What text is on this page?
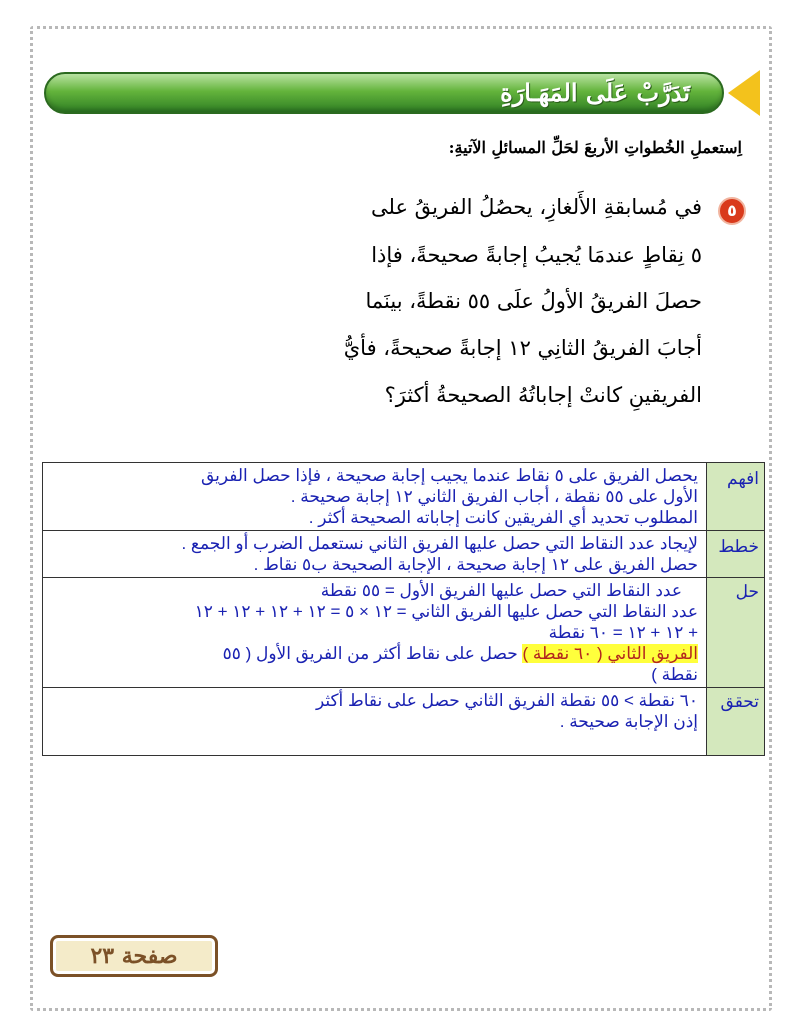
تَدَرَّبْ عَلَى المَهَـارَةِ
اِستعملِ الخُطواتِ الأربعَ لحَلِّ المسائلِ الآتيةِ:
٥
في مُسابقةِ الأَلغازِ، يحصُلُ الفريقُ على
٥ نِقاطٍ عندمَا يُجيبُ إجابةً صحيحةً، فإذا
حصلَ الفريقُ الأولُ علَى ٥٥ نقطةً، بينَما
أجابَ الفريقُ الثانِي ١٢ إجابةً صحيحةً، فأيُّ
الفريقينِ كانتْ إجاباتُهُ الصحيحةُ أكثرَ؟
افهم	يحصل الفريق على ٥ نقاط عندما يجيب إجابة صحيحة ، فإذا حصل الفريق
الأول على ٥٥ نقطة ، أجاب الفريق الثاني ١٢ إجابة صحيحة .
المطلوب تحديد أي الفريقين كانت إجاباته الصحيحة أكثر .

خطط	لإيجاد عدد النقاط التي حصل عليها الفريق الثاني نستعمل الضرب أو الجمع .
حصل الفريق على ١٢ إجابة صحيحة ، الإجابة الصحيحة ب٥ نقاط .

حل	عدد النقاط التي حصل عليها الفريق الأول = ٥٥ نقطة
عدد النقاط التي حصل عليها الفريق الثاني = ١٢ × ٥ = ١٢ + ١٢ + ١٢ + ١٢
+ ١٢ + ١٢ = ٦٠ نقطة
الفريق الثاني ( ٦٠ نقطة ) حصل على نقاط أكثر من الفريق الأول ( ٥٥
نقطة )

تحقق	٦٠ نقطة > ٥٥ نقطة الفريق الثاني حصل على نقاط أكثر
إذن الإجابة صحيحة .

صفحة ٢٣
